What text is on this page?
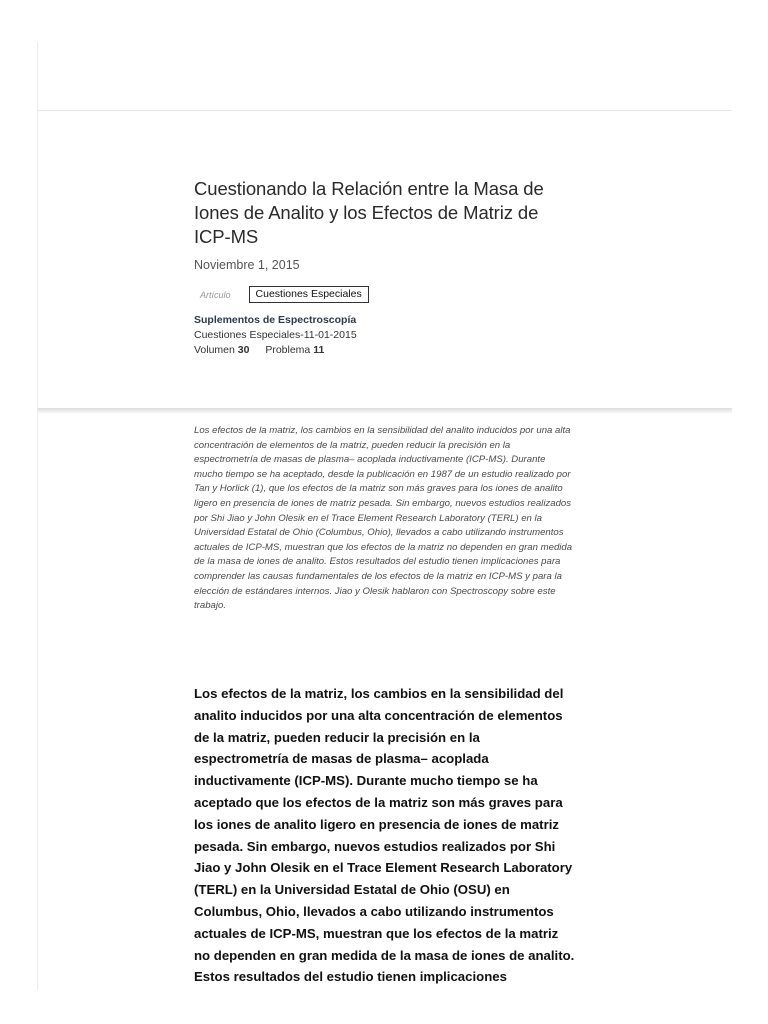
Cuestionando la Relación entre la Masa de Iones de Analito y los Efectos de Matriz de ICP-MS
Noviembre 1, 2015
Artículo	Cuestiones Especiales
Suplementos de Espectroscopía
Cuestiones Especiales-11-01-2015
Volumen 30 Problema 11

Los efectos de la matriz, los cambios en la sensibilidad del analito inducidos por una alta concentración de elementos de la matriz, pueden reducir la precisión en la espectrometría de masas de plasma– acoplada inductivamente (ICP-MS). Durante mucho tiempo se ha aceptado, desde la publicación en 1987 de un estudio realizado por Tan y Horlick (1), que los efectos de la matriz son más graves para los iones de analito ligero en presencia de iones de matriz pesada. Sin embargo, nuevos estudios realizados por Shi Jiao y John Olesik en el Trace Element Research Laboratory (TERL) en la Universidad Estatal de Ohio (Columbus, Ohio), llevados a cabo utilizando instrumentos actuales de ICP-MS, muestran que los efectos de la matriz no dependen en gran medida de la masa de iones de analito. Estos resultados del estudio tienen implicaciones para comprender las causas fundamentales de los efectos de la matriz en ICP-MS y para la elección de estándares internos. Jiao y Olesik hablaron con Spectroscopy sobre este trabajo.

Los efectos de la matriz, los cambios en la sensibilidad del analito inducidos por una alta concentración de elementos de la matriz, pueden reducir la precisión en la espectrometría de masas de plasma– acoplada inductivamente (ICP-MS). Durante mucho tiempo se ha aceptado que los efectos de la matriz son más graves para los iones de analito ligero en presencia de iones de matriz pesada. Sin embargo, nuevos estudios realizados por Shi Jiao y John Olesik en el Trace Element Research Laboratory (TERL) en la Universidad Estatal de Ohio (OSU) en Columbus, Ohio, llevados a cabo utilizando instrumentos actuales de ICP-MS, muestran que los efectos de la matriz no dependen en gran medida de la masa de iones de analito. Estos resultados del estudio tienen implicaciones
